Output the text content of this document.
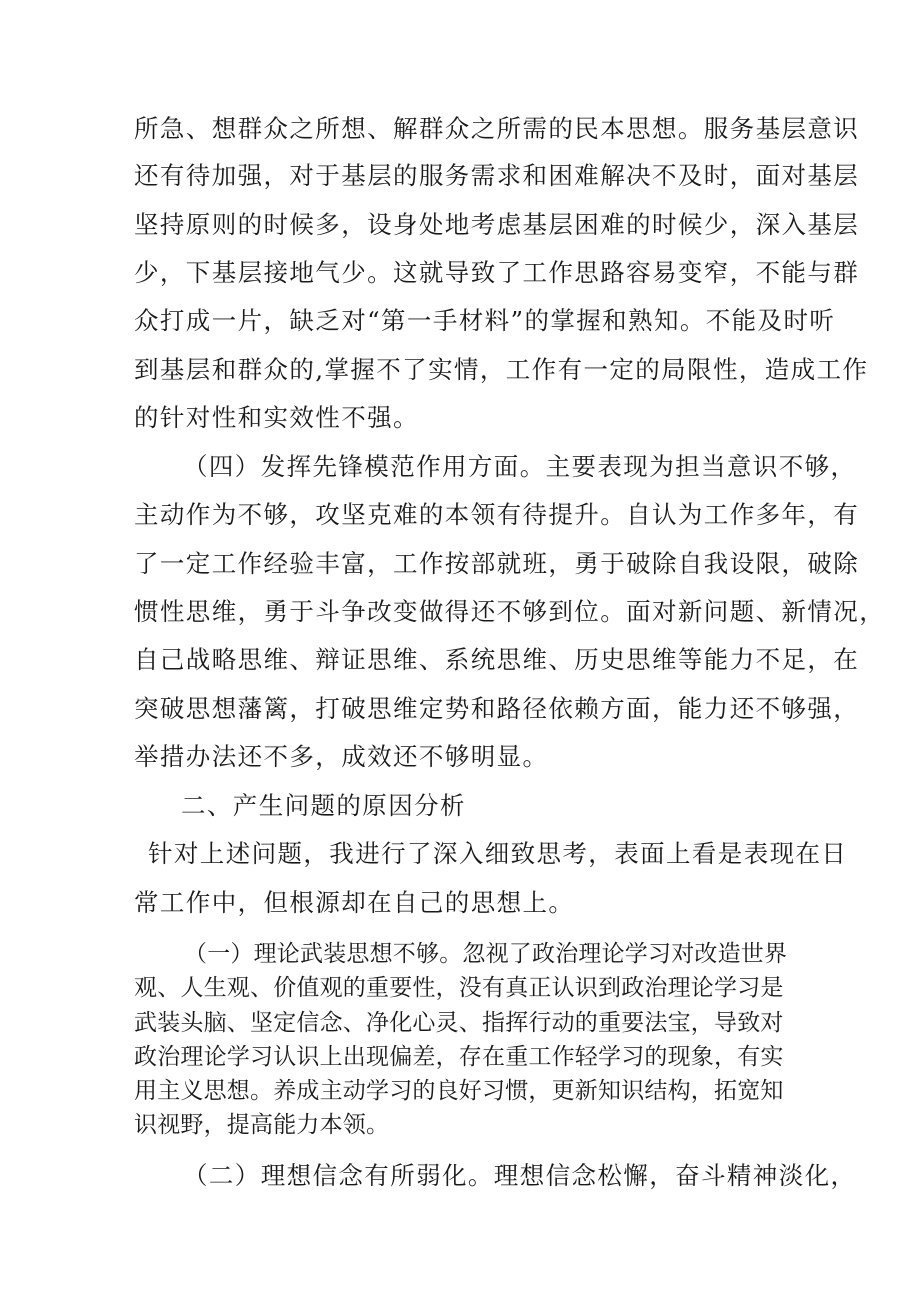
所急、想群众之所想、解群众之所需的民本思想。服务基层意识
还有待加强，对于基层的服务需求和困难解决不及时，面对基层
坚持原则的时候多，设身处地考虑基层困难的时候少，深入基层
少，下基层接地气少。这就导致了工作思路容易变窄，不能与群
众打成一片，缺乏对“第一手材料”的掌握和熟知。不能及时听
到基层和群众的,掌握不了实情，工作有一定的局限性，造成工作
的针对性和实效性不强。
（四）发挥先锋模范作用方面。主要表现为担当意识不够，
主动作为不够，攻坚克难的本领有待提升。自认为工作多年，有
了一定工作经验丰富，工作按部就班，勇于破除自我设限，破除
惯性思维，勇于斗争改变做得还不够到位。面对新问题、新情况，
自己战略思维、辩证思维、系统思维、历史思维等能力不足，在
突破思想藩篱，打破思维定势和路径依赖方面，能力还不够强，
举措办法还不多，成效还不够明显。
二、产生问题的原因分析
针对上述问题，我进行了深入细致思考，表面上看是表现在日
常工作中，但根源却在自己的思想上。
（一）理论武装思想不够。忽视了政治理论学习对改造世界
观、人生观、价值观的重要性，没有真正认识到政治理论学习是
武装头脑、坚定信念、净化心灵、指挥行动的重要法宝，导致对
政治理论学习认识上出现偏差，存在重工作轻学习的现象，有实
用主义思想。养成主动学习的良好习惯，更新知识结构，拓宽知
识视野，提高能力本领。
（二）理想信念有所弱化。理想信念松懈，奋斗精神淡化，
